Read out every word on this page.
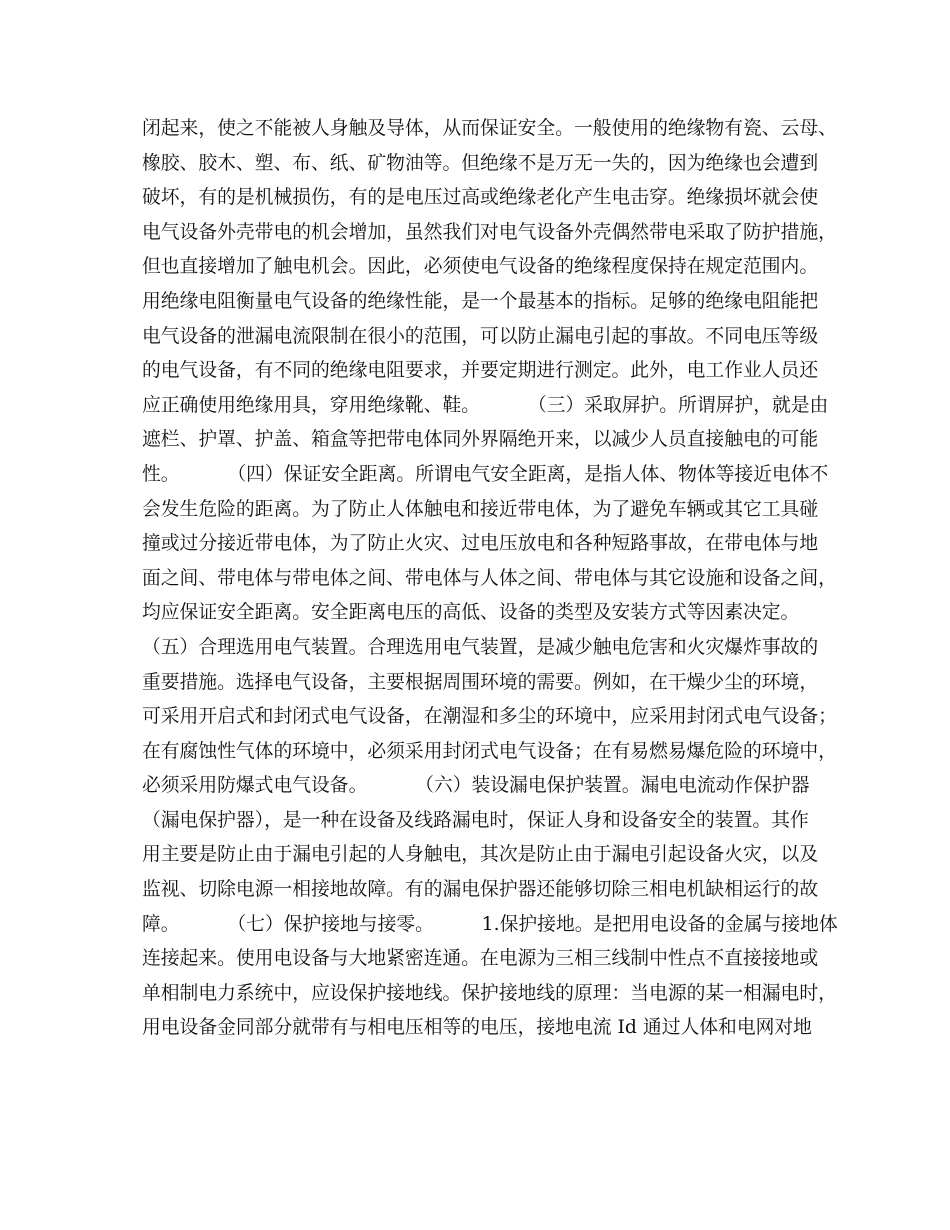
闭起来，使之不能被人身触及导体，从而保证安全。一般使用的绝缘物有瓷、云母、
橡胶、胶木、塑、布、纸、矿物油等。但绝缘不是万无一失的，因为绝缘也会遭到
破坏，有的是机械损伤，有的是电压过高或绝缘老化产生电击穿。绝缘损坏就会使
电气设备外壳带电的机会增加，虽然我们对电气设备外壳偶然带电采取了防护措施，
但也直接增加了触电机会。因此，必须使电气设备的绝缘程度保持在规定范围内。
用绝缘电阻衡量电气设备的绝缘性能，是一个最基本的指标。足够的绝缘电阻能把
电气设备的泄漏电流限制在很小的范围，可以防止漏电引起的事故。不同电压等级
的电气设备，有不同的绝缘电阻要求，并要定期进行测定。此外，电工作业人员还
应正确使用绝缘用具，穿用绝缘靴、鞋。        （三）采取屏护。所谓屏护，就是由
遮栏、护罩、护盖、箱盒等把带电体同外界隔绝开来，以减少人员直接触电的可能
性。        （四）保证安全距离。所谓电气安全距离，是指人体、物体等接近电体不
会发生危险的距离。为了防止人体触电和接近带电体，为了避免车辆或其它工具碰
撞或过分接近带电体，为了防止火灾、过电压放电和各种短路事故，在带电体与地
面之间、带电体与带电体之间、带电体与人体之间、带电体与其它设施和设备之间，
均应保证安全距离。安全距离电压的高低、设备的类型及安装方式等因素决定。
（五）合理选用电气装置。合理选用电气装置，是减少触电危害和火灾爆炸事故的
重要措施。选择电气设备，主要根据周围环境的需要。例如，在干燥少尘的环境，
可采用开启式和封闭式电气设备，在潮湿和多尘的环境中，应采用封闭式电气设备；
在有腐蚀性气体的环境中，必须采用封闭式电气设备；在有易燃易爆危险的环境中，
必须采用防爆式电气设备。        （六）装设漏电保护装置。漏电电流动作保护器
（漏电保护器），是一种在设备及线路漏电时，保证人身和设备安全的装置。其作
用主要是防止由于漏电引起的人身触电，其次是防止由于漏电引起设备火灾，以及
监视、切除电源一相接地故障。有的漏电保护器还能够切除三相电机缺相运行的故
障。        （七）保护接地与接零。        1.保护接地。是把用电设备的金属与接地体
连接起来。使用电设备与大地紧密连通。在电源为三相三线制中性点不直接接地或
单相制电力系统中，应设保护接地线。保护接地线的原理：当电源的某一相漏电时，
用电设备金同部分就带有与相电压相等的电压，接地电流 Id 通过人体和电网对地
